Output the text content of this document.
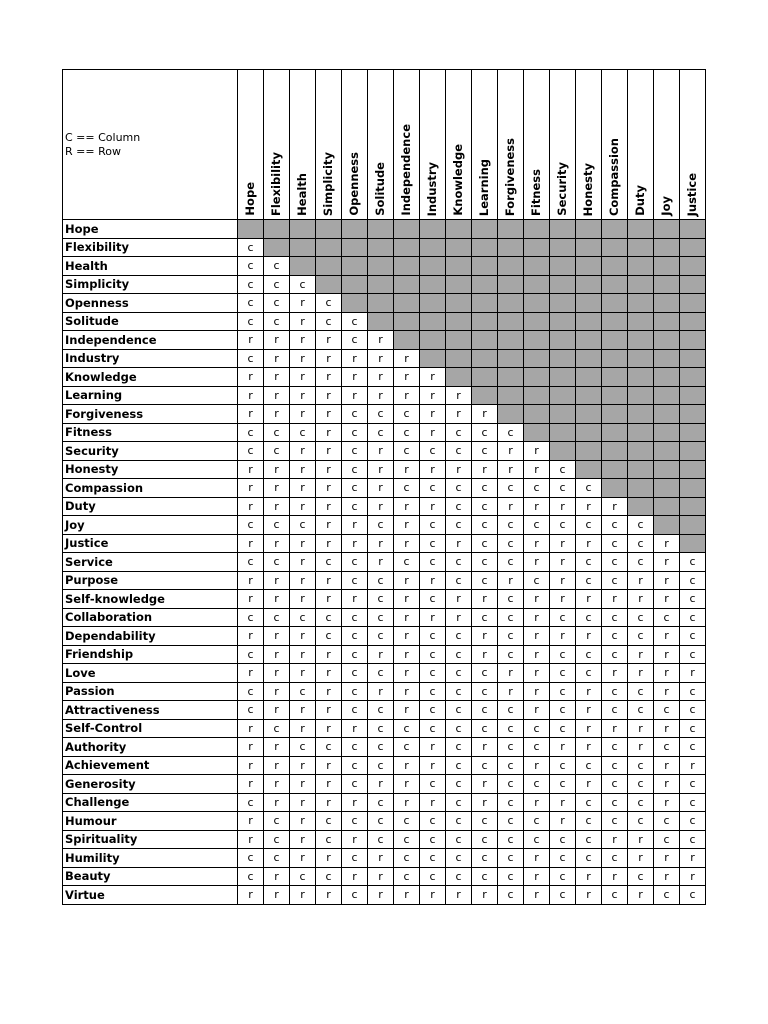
C == Column
R == Row	Hope	Flexibility	Health	Simplicity	Openness	Solitude	Independence	Industry	Knowledge	Learning	Forgiveness	Fitness	Security	Honesty	Compassion	Duty	Joy	Justice
Hope																		
Flexibility	c																	
Health	c	c																
Simplicity	c	c	c															
Openness	c	c	r	c														
Solitude	c	c	r	c	c													
Independence	r	r	r	r	c	r												
Industry	c	r	r	r	r	r	r											
Knowledge	r	r	r	r	r	r	r	r										
Learning	r	r	r	r	r	r	r	r	r									
Forgiveness	r	r	r	r	c	c	c	r	r	r								
Fitness	c	c	c	r	c	c	c	r	c	c	c							
Security	c	c	r	r	c	r	c	c	c	c	r	r						
Honesty	r	r	r	r	c	r	r	r	r	r	r	r	c					
Compassion	r	r	r	r	c	r	c	c	c	c	c	c	c	c				
Duty	r	r	r	r	c	r	r	r	c	c	r	r	r	r	r			
Joy	c	c	c	r	r	c	r	c	c	c	c	c	c	c	c	c		
Justice	r	r	r	r	r	r	r	c	r	c	c	r	r	r	c	c	r	
Service	c	c	r	c	c	r	c	c	c	c	c	r	r	c	c	c	r	c
Purpose	r	r	r	r	c	c	r	r	c	c	r	c	r	c	c	r	r	c
Self-knowledge	r	r	r	r	r	c	r	c	r	r	c	r	r	r	r	r	r	c
Collaboration	c	c	c	c	c	c	r	r	r	c	c	r	c	c	c	c	c	c
Dependability	r	r	r	c	c	c	r	c	c	r	c	r	r	r	c	c	r	c
Friendship	c	r	r	r	c	r	r	c	c	r	c	r	c	c	c	r	r	c
Love	r	r	r	r	c	c	r	c	c	c	r	r	c	c	r	r	r	r
Passion	c	r	c	r	c	r	r	c	c	c	r	r	c	r	c	c	r	c
Attractiveness	c	r	r	r	c	c	r	c	c	c	c	r	c	r	c	c	c	c
Self-Control	r	c	r	r	r	c	c	c	c	c	c	c	c	r	r	r	r	c
Authority	r	r	c	c	c	c	c	r	c	r	c	c	r	r	c	r	c	c
Achievement	r	r	r	r	c	c	r	r	c	c	c	r	c	c	c	c	r	r
Generosity	r	r	r	r	c	r	r	c	c	r	c	c	c	r	c	c	r	c
Challenge	c	r	r	r	r	c	r	r	c	r	c	r	r	c	c	c	r	c
Humour	r	c	r	c	c	c	c	c	c	c	c	c	r	c	c	c	c	c
Spirituality	r	c	r	c	r	c	c	c	c	c	c	c	c	c	r	r	c	c
Humility	c	c	r	r	c	r	c	c	c	c	c	r	c	c	c	r	r	r
Beauty	c	r	c	c	r	r	c	c	c	c	c	r	c	r	r	c	r	r
Virtue	r	r	r	r	c	r	r	r	r	r	c	r	c	r	c	r	c	c
